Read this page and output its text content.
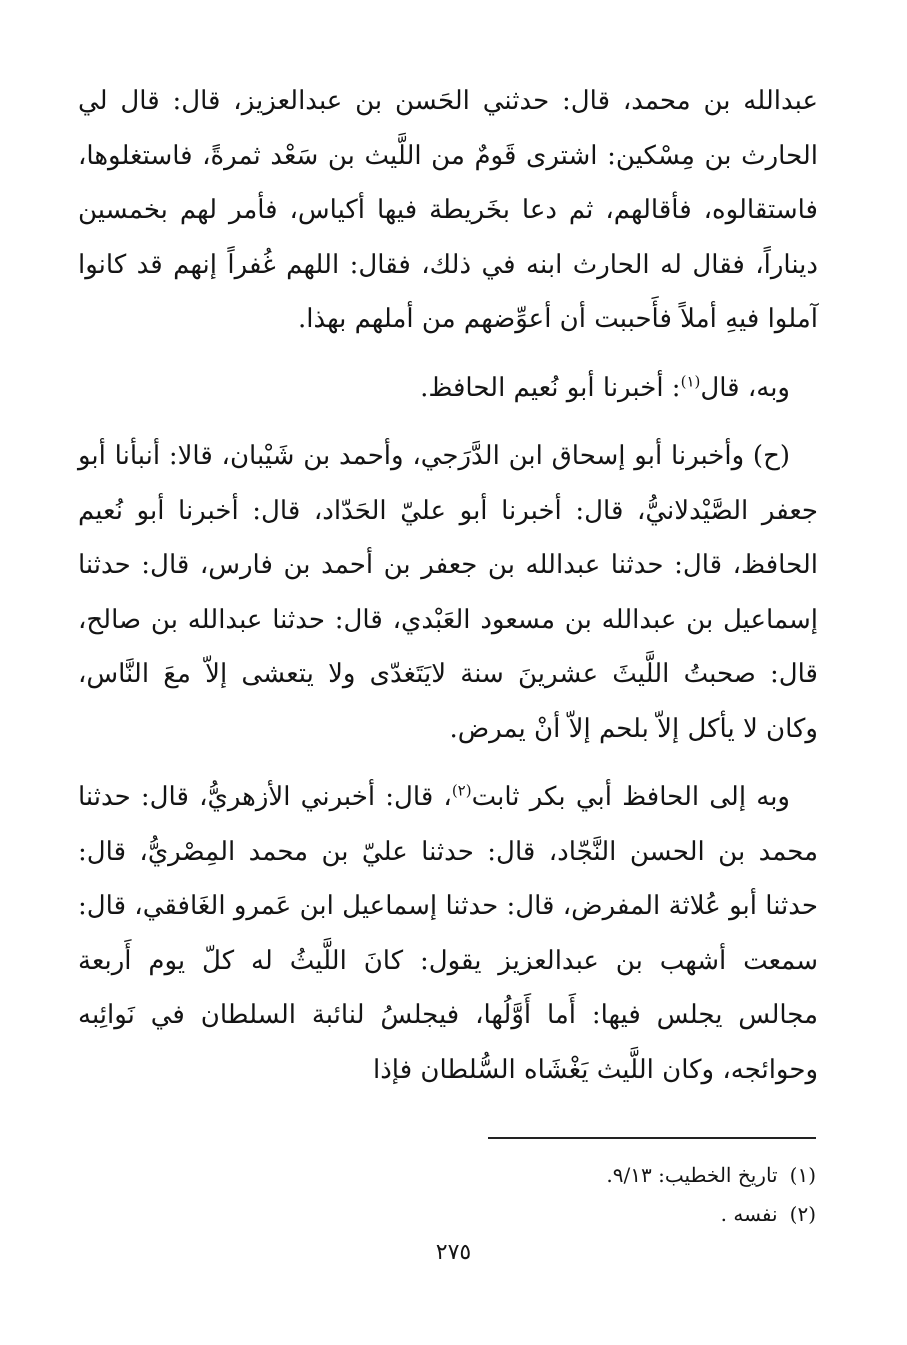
عبدالله بن محمد، قال: حدثني الحَسن بن عبدالعزيز، قال: قال لي الحارث بن مِسْكين: اشترى قَومٌ من اللَّيث بن سَعْد ثمرةً، فاستغلوها، فاستقالوه، فأقالهم، ثم دعا بخَريطة فيها أكياس، فأمر لهم بخمسين ديناراً، فقال له الحارث ابنه في ذلك، فقال: اللهم غُفراً إنهم قد كانوا آملوا فيهِ أملاً فأَحببت أن أعوِّضهم من أملهم بهذا.

وبه، قال$^{(١)}$: أخبرنا أبو نُعيم الحافظ.

(ح) وأخبرنا أبو إسحاق ابن الدَّرَجي، وأحمد بن شَيْبان، قالا: أنبأنا أبو جعفر الصَّيْدلانيُّ، قال: أخبرنا أبو عليّ الحَدّاد، قال: أخبرنا أبو نُعيم الحافظ، قال: حدثنا عبدالله بن جعفر بن أحمد بن فارس، قال: حدثنا إسماعيل بن عبدالله بن مسعود العَبْدي، قال: حدثنا عبدالله بن صالح، قال: صحبتُ اللَّيثَ عشرينَ سنة لايَتَغدّى ولا يتعشى إلاّ معَ النَّاس، وكان لا يأكل إلاّ بلحم إلاّ أنْ يمرض.

وبه إلى الحافظ أبي بكر ثابت$^{(٢)}$، قال: أخبرني الأزهريُّ، قال: حدثنا محمد بن الحسن النَّجّاد، قال: حدثنا عليّ بن محمد المِصْريُّ، قال: حدثنا أبو عُلاثة المفرض، قال: حدثنا إسماعيل ابن عَمرو الغَافقي، قال: سمعت أشهب بن عبدالعزيز يقول: كانَ اللَّيثُ له كلّ يوم أَربعة مجالس يجلس فيها: أَما أَوَّلُها، فيجلسُ لنائبة السلطان في نَوائِبه وحوائجه، وكان اللَّيث يَغْشَاه السُّلطان فإذا

(١)
تاريخ الخطيب: ٩/١٣.
(٢)
نفسه .
٢٧٥
